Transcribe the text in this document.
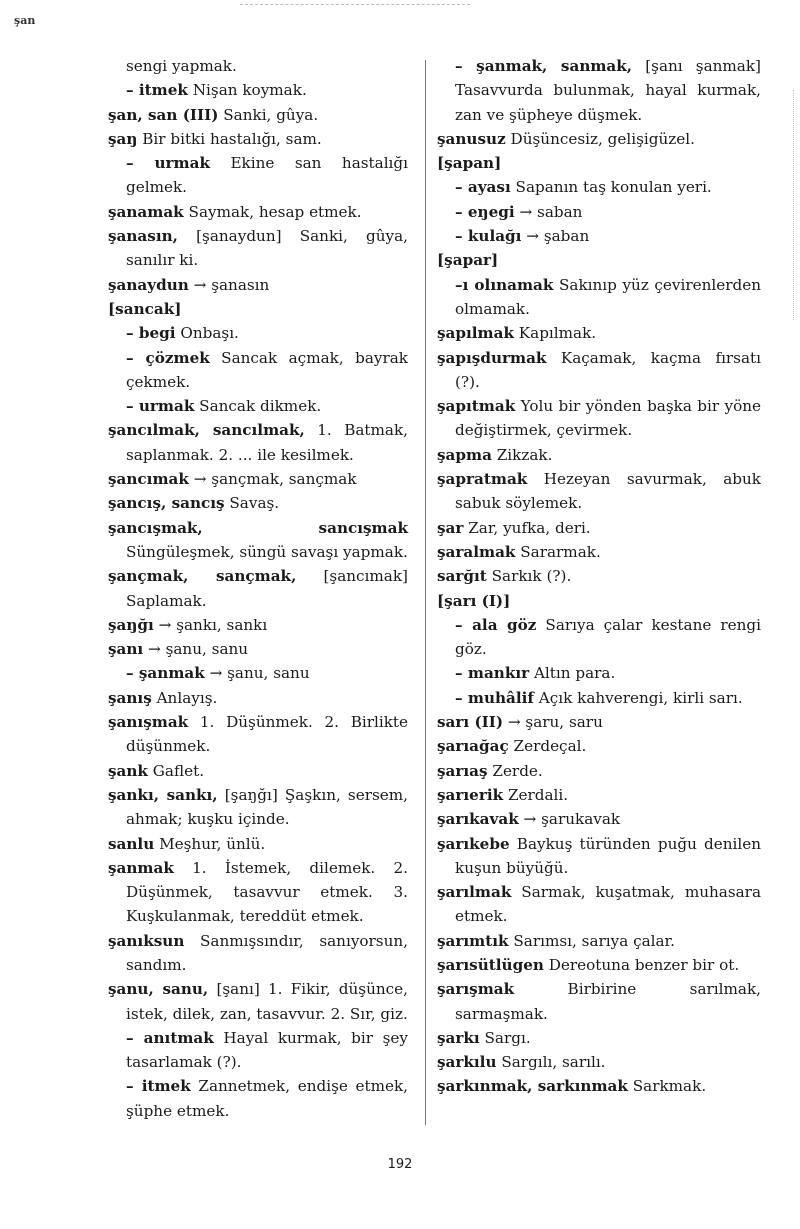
şan

sengi yapmak.

– itmek Nişan koymak.

şan, san (III) Sanki, gûya.

şaŋ Bir bitki hastalığı, sam.

– urmak Ekine san hastalığı gelmek.

şanamak Saymak, hesap etmek.

şanasın, [şanaydun] Sanki, gûya, sanılır ki.

şanaydun → şanasın

[sancak]

– begi Onbaşı.

– çözmek Sancak açmak, bayrak çekmek.

– urmak Sancak dikmek.

şancılmak, sancılmak, 1. Batmak, saplanmak. 2. ... ile kesilmek.

şancımak → şançmak, sançmak

şancış, sancış Savaş.

şancışmak, sancışmak Süngüleşmek, süngü savaşı yapmak.

şançmak, sançmak, [şancımak] Saplamak.

şaŋğı → şankı, sankı

şanı → şanu, sanu

– şanmak → şanu, sanu

şanış Anlayış.

şanışmak 1. Düşünmek. 2. Birlikte düşünmek.

şank Gaflet.

şankı, sankı, [şaŋğı] Şaşkın, sersem, ahmak; kuşku içinde.

sanlu Meşhur, ünlü.

şanmak 1. İstemek, dilemek. 2. Düşünmek, tasavvur etmek. 3. Kuşkulanmak, tereddüt etmek.

şanıksun Sanmışsındır, sanıyorsun, sandım.

şanu, sanu, [şanı] 1. Fikir, düşünce, istek, dilek, zan, tasavvur. 2. Sır, giz.

– anıtmak Hayal kurmak, bir şey tasarlamak (?).

– itmek Zannetmek, endişe etmek, şüphe etmek.

– şanmak, sanmak, [şanı şanmak] Tasavvurda bulunmak, hayal kurmak, zan ve şüpheye düşmek.

şanusuz Düşüncesiz, gelişigüzel.

[şapan]

– ayası Sapanın taş konulan yeri.

– eŋegi → saban

– kulağı → şaban

[şapar]

–ı olınamak Sakınıp yüz çevirenlerden olmamak.

şapılmak Kapılmak.

şapışdurmak Kaçamak, kaçma fırsatı (?).

şapıtmak Yolu bir yönden başka bir yöne değiştirmek, çevirmek.

şapma Zikzak.

şapratmak Hezeyan savurmak, abuk sabuk söylemek.

şar Zar, yufka, deri.

şaralmak Sararmak.

sarğıt Sarkık (?).

[şarı (I)]

– ala göz Sarıya çalar kestane rengi göz.

– mankır Altın para.

– muhâlif Açık kahverengi, kirli sarı.

sarı (II) → şaru, saru

şarıağaç Zerdeçal.

şarıaş Zerde.

şarıerik Zerdali.

şarıkavak → şarukavak

şarıkebe Baykuş türünden puğu denilen kuşun büyüğü.

şarılmak Sarmak, kuşatmak, muhasara etmek.

şarımtık Sarımsı, sarıya çalar.

şarısütlügen Dereotuna benzer bir ot.

şarışmak Birbirine sarılmak, sarmaşmak.

şarkı Sargı.

şarkılu Sargılı, sarılı.

şarkınmak, sarkınmak Sarkmak.

192
